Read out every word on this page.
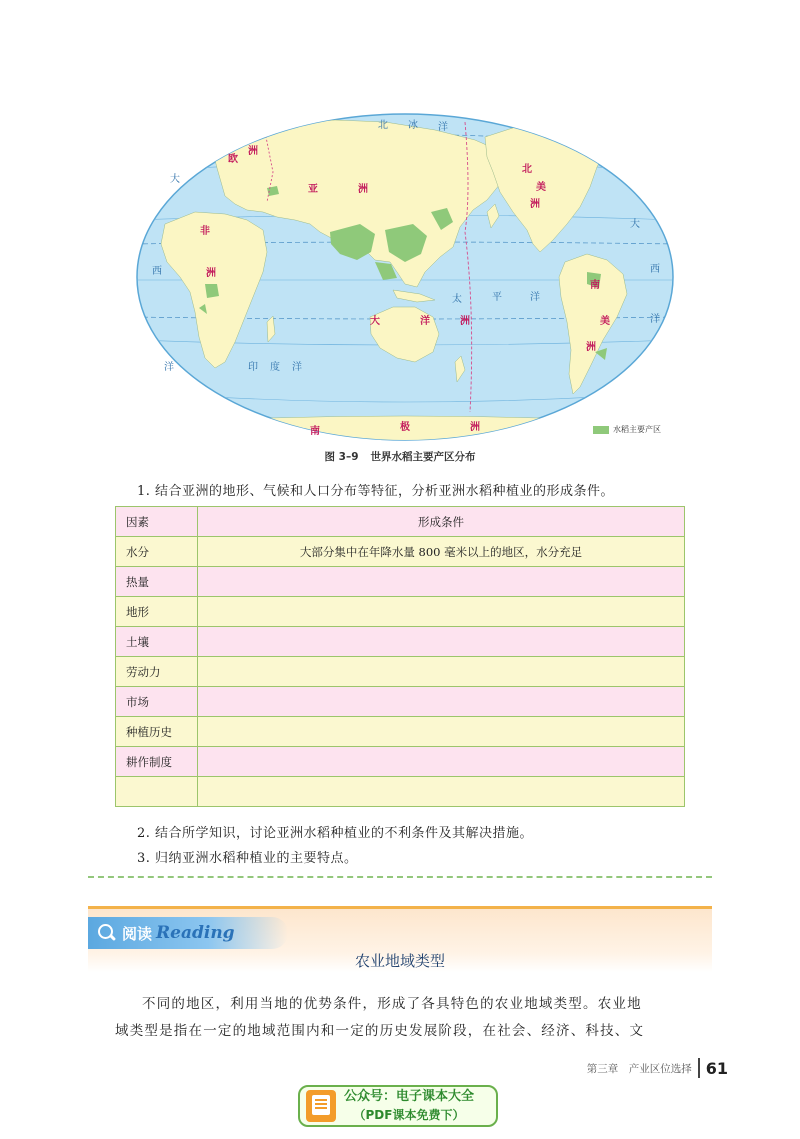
北 冰 洋
印 度 洋
太	平	洋
大
西
洋
大
西
洋
欧
洲
亚	洲
非
洲
北
美
洲
南
美
洲
大	洋	洲
南	极	洲	水稻主要产区
图 3–9 世界水稻主要产区分布
1. 结合亚洲的地形、气候和人口分布等特征，分析亚洲水稻种植业的形成条件。
因素	形成条件
水分	大部分集中在年降水量 800 毫米以上的地区，水分充足
热量	
地形	
土壤	
劳动力	
市场	
种植历史	
耕作制度	

2. 结合所学知识，讨论亚洲水稻种植业的不利条件及其解决措施。
3. 归纳亚洲水稻种植业的主要特点。
阅读 Reading
农业地域类型
不同的地区，利用当地的优势条件，形成了各具特色的农业地域类型。农业地
域类型是指在一定的地域范围内和一定的历史发展阶段，在社会、经济、科技、文
第三章　产业区位选择 61
公众号：电子课本大全
（PDF课本免费下）
